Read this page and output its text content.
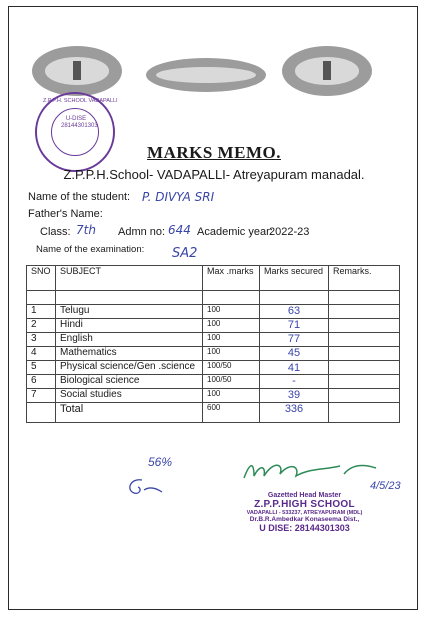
U-DISE 28144301303
Z.P.P.H. SCHOOL VADAPALLI
MARKS MEMO.
Z.P.P.H.School- VADAPALLI- Atreyapuram manadal.
Name of the student: P. DIVYA SRI
Father's Name:
Class: 7th Admn no: 644 Academic year:
2022-23
Name of the examination: SA2
SNO	SUBJECT	Max .marks	Marks secured	Remarks.

1	Telugu	100	63	
2	Hindi	100	71	
3	English	100	77	
4	Mathematics	100	45	
5	Physical science/Gen .science	100/50	41	
6	Biological science	100/50	-	
7	Social studies	100	39	
	Total	600	336	
56%
4/5/23
Gazetted Head Master
Z.P.P.HIGH SCHOOL
VADAPALLI - 533237, ATREYAPURAM (MDL)
Dr.B.R.Ambedkar Konaseema Dist.,
U DISE: 28144301303
